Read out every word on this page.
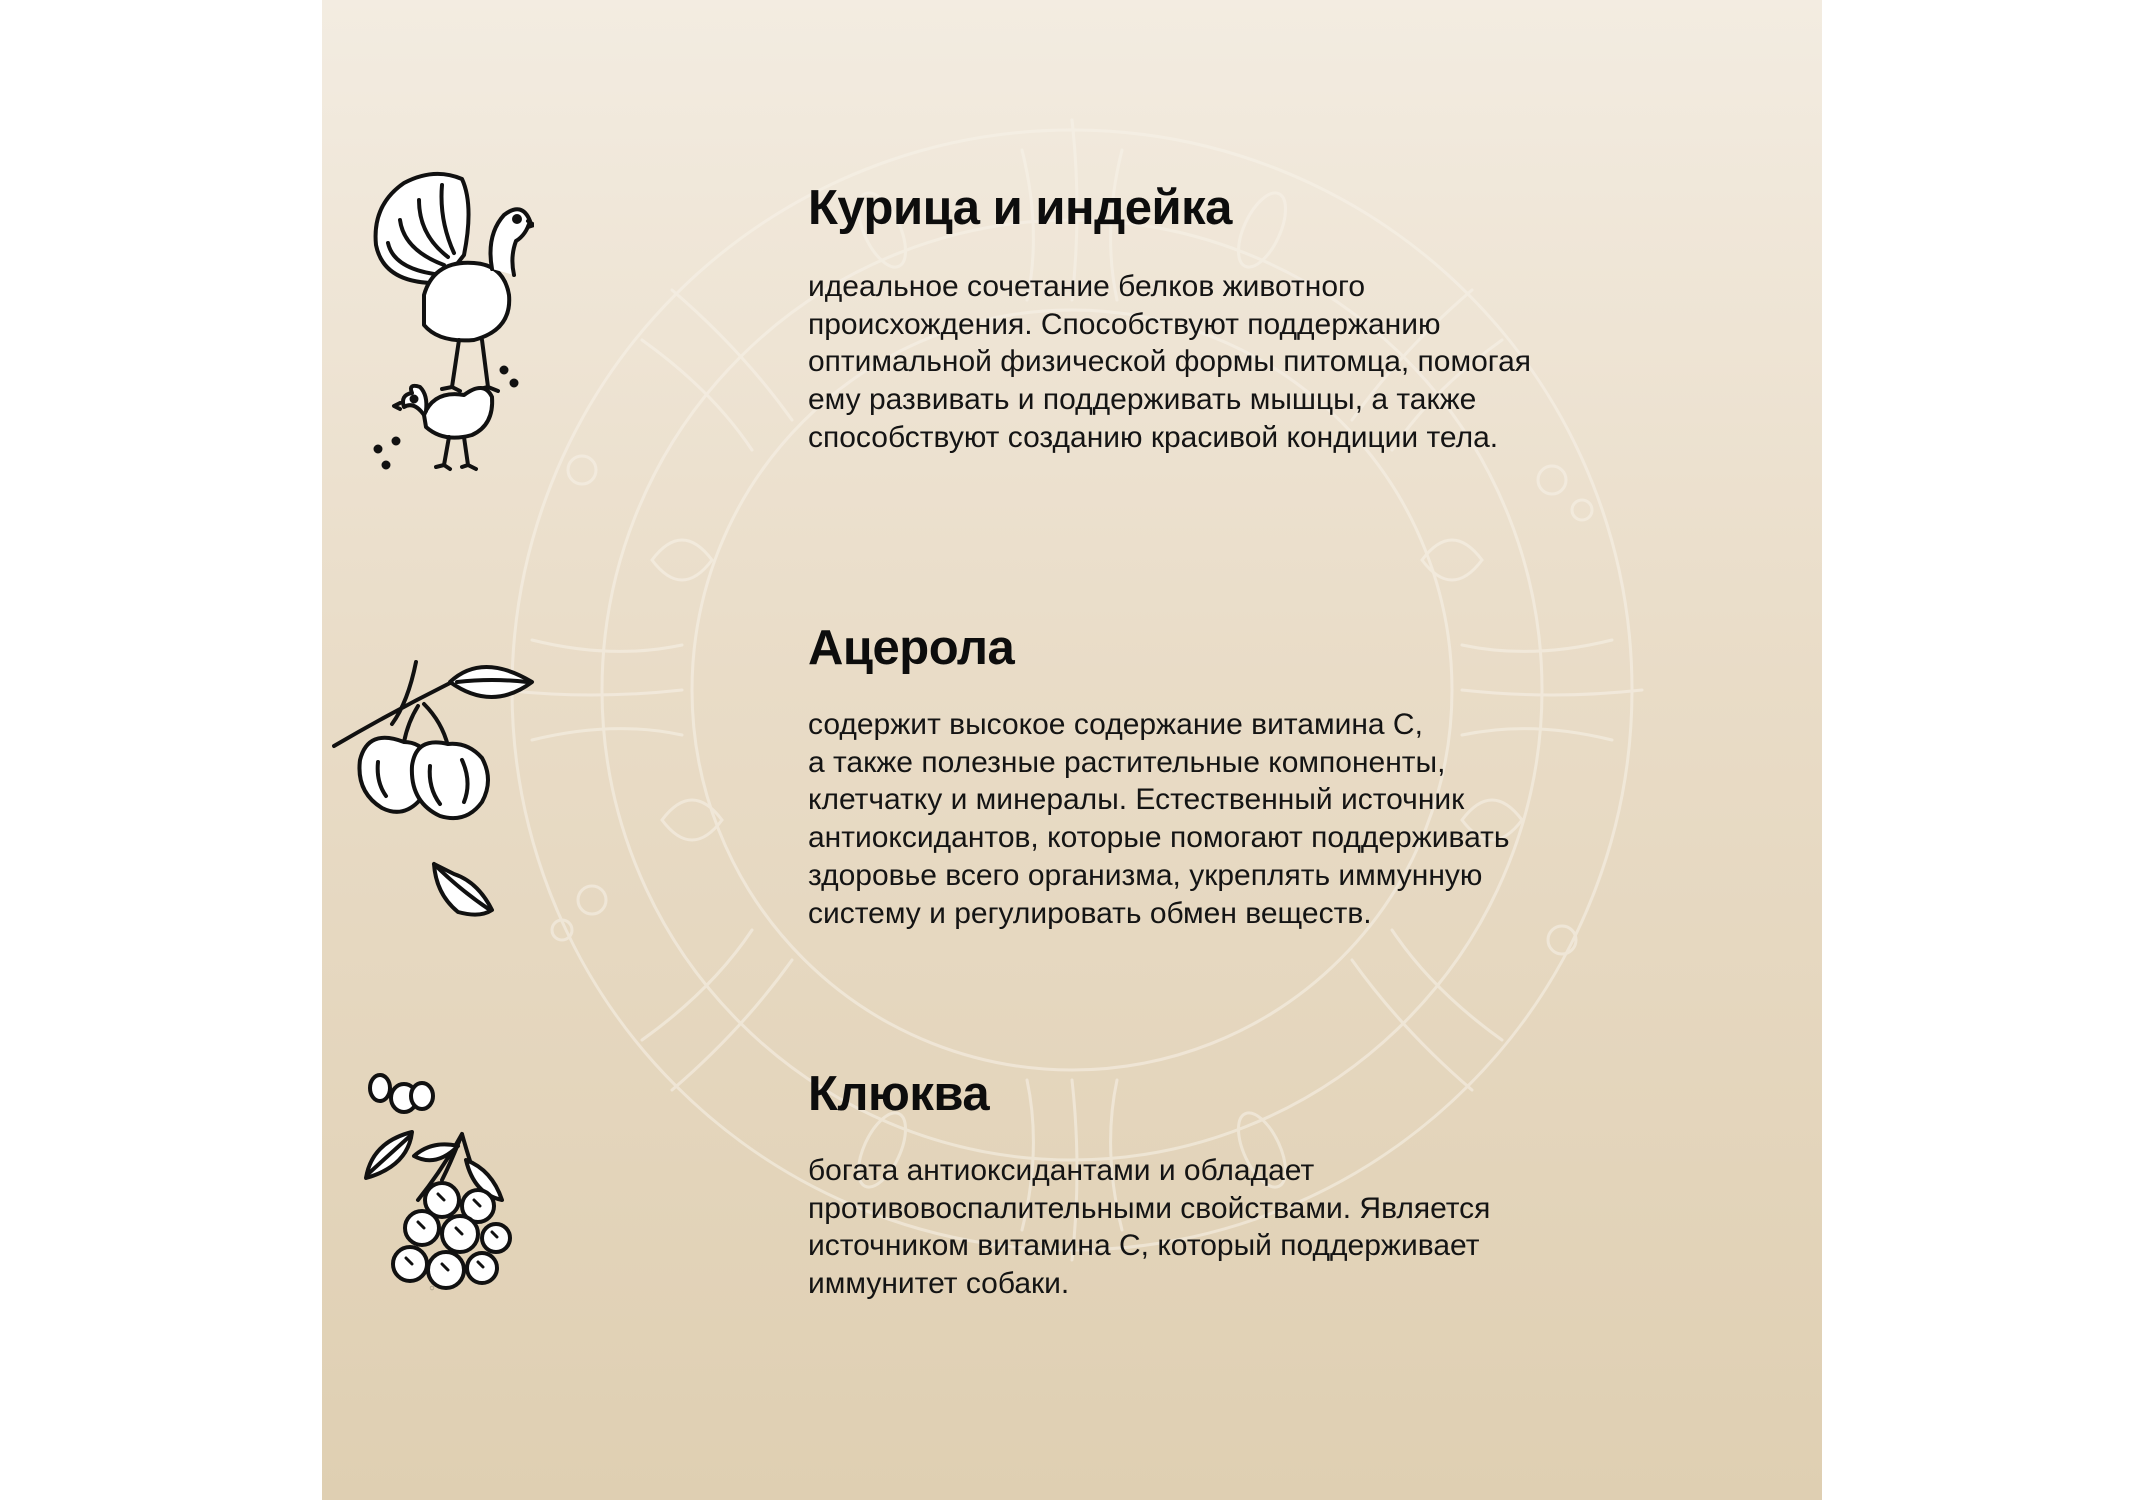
Курица и индейка

идеальное сочетание белков животного
происхождения. Способствуют поддержанию
оптимальной физической формы питомца, помогая
ему развивать и поддерживать мышцы, а также
способствуют созданию красивой кондиции тела.

Ацерола

содержит высокое содержание витамина С,
а также полезные растительные компоненты,
клетчатку и минералы. Естественный источник
антиоксидантов, которые помогают поддерживать
здоровье всего организма, укреплять иммунную
систему и регулировать обмен веществ.

Клюква

богата антиоксидантами и обладает
противовоспалительными свойствами. Является
источником витамина С, который поддерживает
иммунитет собаки.
